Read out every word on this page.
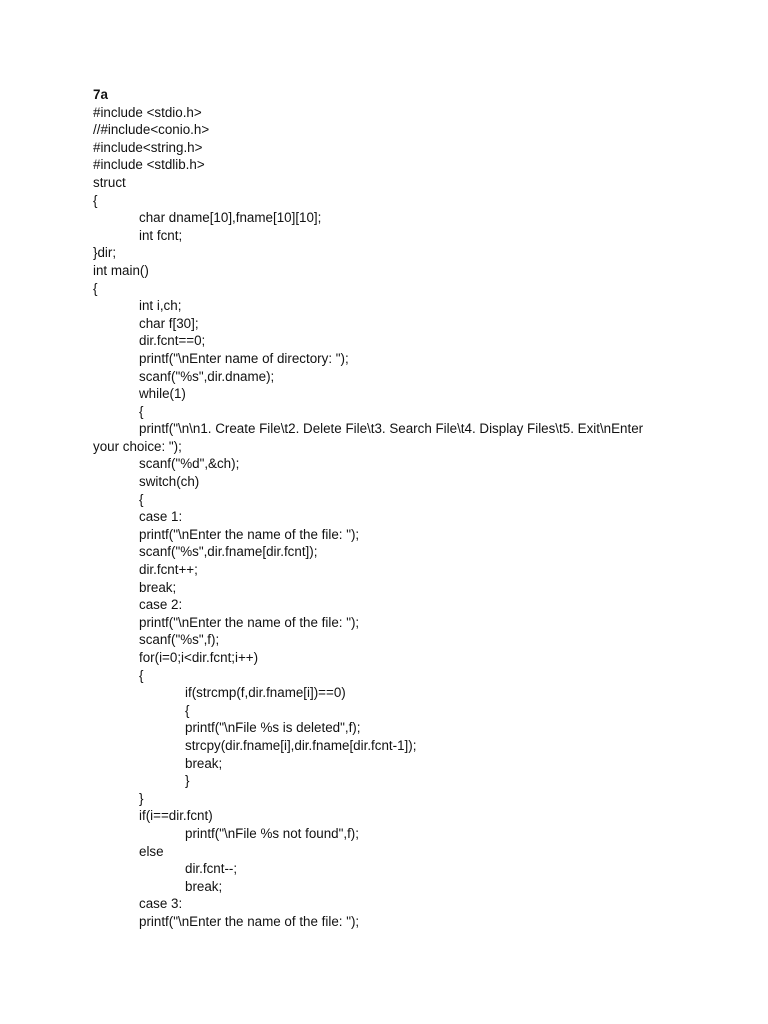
7a
#include <stdio.h>
//#include<conio.h>
#include<string.h>
#include <stdlib.h>
struct
{
char dname[10],fname[10][10];
int fcnt;
}dir;
int main()
{
int i,ch;
char f[30];
dir.fcnt==0;
printf("\nEnter name of directory: ");
scanf("%s",dir.dname);
while(1)
{
printf("\n\n1. Create File\t2. Delete File\t3. Search File\t4. Display Files\t5. Exit\nEnter
your choice: ");
scanf("%d",&ch);
switch(ch)
{
case 1:
printf("\nEnter the name of the file: ");
scanf("%s",dir.fname[dir.fcnt]);
dir.fcnt++;
break;
case 2:
printf("\nEnter the name of the file: ");
scanf("%s",f);
for(i=0;i<dir.fcnt;i++)
{
if(strcmp(f,dir.fname[i])==0)
{
printf("\nFile %s is deleted",f);
strcpy(dir.fname[i],dir.fname[dir.fcnt-1]);
break;
}
}
if(i==dir.fcnt)
printf("\nFile %s not found",f);
else
dir.fcnt--;
break;
case 3:
printf("\nEnter the name of the file: ");
